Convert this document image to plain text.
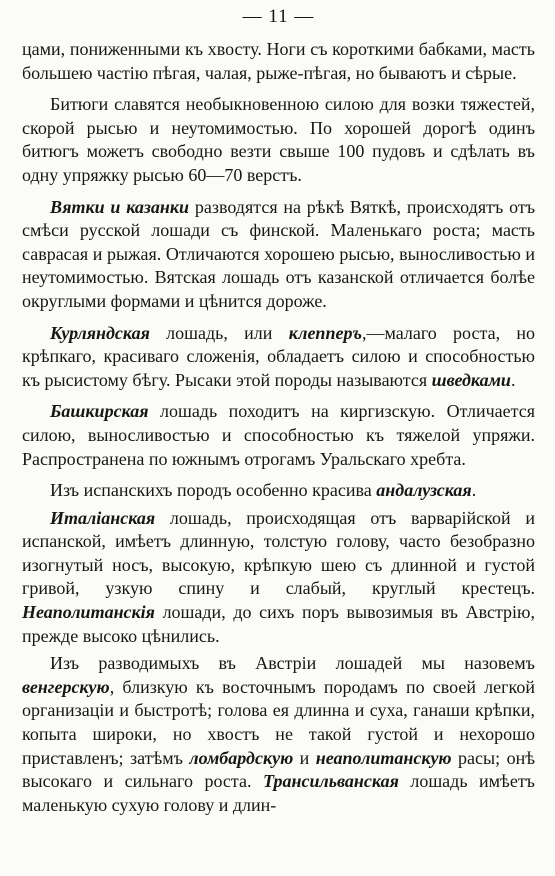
— 11 —

цами, пониженными къ хвосту. Ноги съ короткими бабками, масть большею частiю пѣгая, чалая, рыже-пѣгая, но бываютъ и сѣрые.

Битюги славятся необыкновенною силою для возки тяжестей, скорой рысью и неутомимостью. По хорошей дорогѣ одинъ битюгъ можетъ свободно везти свыше 100 пудовъ и сдѣлать въ одну упряжку рысью 60—70 верстъ.

Вятки и казанки разводятся на рѣкѣ Вяткѣ, происходятъ отъ смѣси русской лошади съ финской. Маленькаго роста; масть саврасая и рыжая. Отличаются хорошею рысью, выносливостью и неутомимостью. Вятская лошадь отъ казанской отличается болѣе округлыми формами и цѣнится дороже.

Курляндская лошадь, или клепперъ,—малаго роста, но крѣпкаго, красиваго сложенiя, обладаетъ силою и способностью къ рысистому бѣгу. Рысаки этой породы называются шведками.

Башкирская лошадь походитъ на киргизскую. Отличается силою, выносливостью и способностью къ тяжелой упряжи. Распространена по южнымъ отрогамъ Уральскаго хребта.

Изъ испанскихъ породъ особенно красива андалузская.

Италiанская лошадь, происходящая отъ варварiйской и испанской, имѣетъ длинную, толстую голову, часто безобразно изогнутый носъ, высокую, крѣпкую шею съ длинной и густой гривой, узкую спину и слабый, круглый крестецъ. Неаполитанскiя лошади, до сихъ поръ вывозимыя въ Австрiю, прежде высоко цѣнились.

Изъ разводимыхъ въ Австрiи лошадей мы назовемъ венгерскую, близкую къ восточнымъ породамъ по своей легкой организацiи и быстротѣ; голова ея длинна и суха, ганаши крѣпки, копыта широки, но хвостъ не такой густой и нехорошо приставленъ; затѣмъ ломбардскую и неаполитанскую расы; онѣ высокаго и сильнаго роста. Трансильванская лошадь имѣетъ маленькую сухую голову и длин-
